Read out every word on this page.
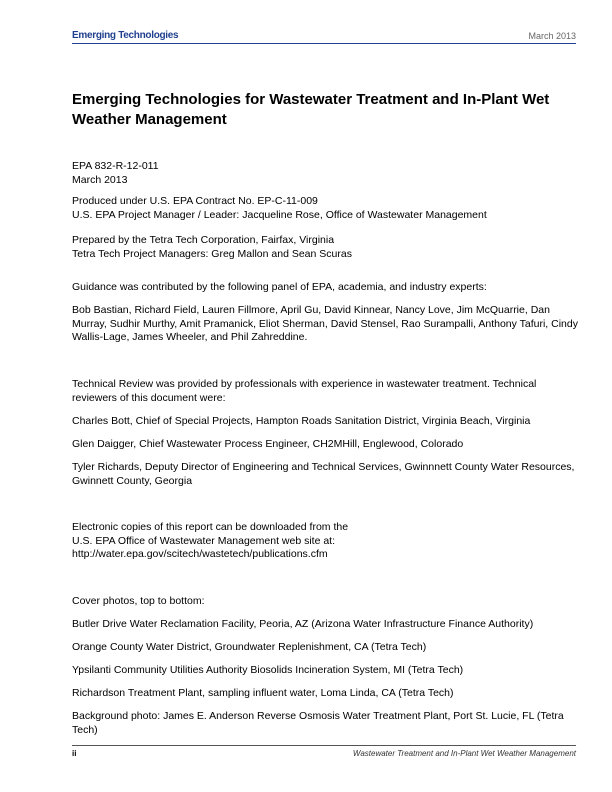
Emerging Technologies	March 2013
Emerging Technologies for Wastewater Treatment and In-Plant Wet Weather Management
EPA 832-R-12-011
March 2013
Produced under U.S. EPA Contract No. EP-C-11-009
U.S. EPA Project Manager / Leader: Jacqueline Rose, Office of Wastewater Management
Prepared by the Tetra Tech Corporation, Fairfax, Virginia
Tetra Tech Project Managers: Greg Mallon and Sean Scuras
Guidance was contributed by the following panel of EPA, academia, and industry experts:
Bob Bastian, Richard Field, Lauren Fillmore, April Gu, David Kinnear, Nancy Love, Jim McQuarrie, Dan Murray, Sudhir Murthy, Amit Pramanick, Eliot Sherman, David Stensel, Rao Surampalli, Anthony Tafuri, Cindy Wallis-Lage, James Wheeler, and Phil Zahreddine.
Technical Review was provided by professionals with experience in wastewater treatment. Technical reviewers of this document were:
Charles Bott, Chief of Special Projects, Hampton Roads Sanitation District, Virginia Beach, Virginia
Glen Daigger, Chief Wastewater Process Engineer, CH2MHill, Englewood, Colorado
Tyler Richards, Deputy Director of Engineering and Technical Services, Gwinnnett County Water Resources, Gwinnett County, Georgia
Electronic copies of this report can be downloaded from the
U.S. EPA Office of Wastewater Management web site at:
http://water.epa.gov/scitech/wastetech/publications.cfm
Cover photos, top to bottom:
Butler Drive Water Reclamation Facility, Peoria, AZ (Arizona Water Infrastructure Finance Authority)
Orange County Water District, Groundwater Replenishment, CA (Tetra Tech)
Ypsilanti Community Utilities Authority Biosolids Incineration System, MI (Tetra Tech)
Richardson Treatment Plant, sampling influent water, Loma Linda, CA (Tetra Tech)
Background photo: James E. Anderson Reverse Osmosis Water Treatment Plant, Port St. Lucie, FL (Tetra Tech)
ii	Wastewater Treatment and In-Plant Wet Weather Management
